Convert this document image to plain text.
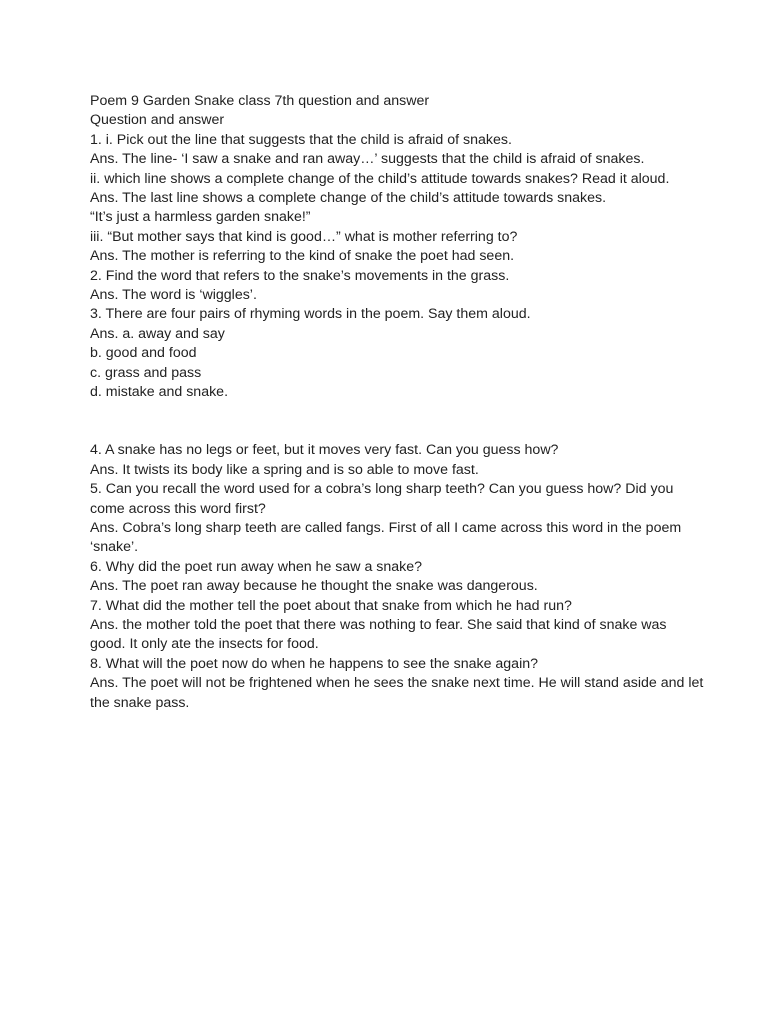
Poem 9 Garden Snake class 7th question and answer
Question and answer
1. i. Pick out the line that suggests that the child is afraid of snakes.
Ans. The line- ‘I saw a snake and ran away…’ suggests that the child is afraid of snakes.
ii. which line shows a complete change of the child’s attitude towards snakes? Read it aloud.
Ans. The last line shows a complete change of the child’s attitude towards snakes.
“It’s just a harmless garden snake!”
iii. “But mother says that kind is good…” what is mother referring to?
Ans. The mother is referring to the kind of snake the poet had seen.
2. Find the word that refers to the snake’s movements in the grass.
Ans. The word is ‘wiggles’.
3. There are four pairs of rhyming words in the poem. Say them aloud.
Ans. a. away and say
b. good and food
c. grass and pass
d. mistake and snake.
4. A snake has no legs or feet, but it moves very fast. Can you guess how?
Ans. It twists its body like a spring and is so able to move fast.
5. Can you recall the word used for a cobra’s long sharp teeth? Can you guess how? Did you come across this word first?
Ans. Cobra’s long sharp teeth are called fangs. First of all I came across this word in the poem ‘snake’.
6. Why did the poet run away when he saw a snake?
Ans. The poet ran away because he thought the snake was dangerous.
7. What did the mother tell the poet about that snake from which he had run?
Ans. the mother told the poet that there was nothing to fear. She said that kind of snake was good. It only ate the insects for food.
8. What will the poet now do when he happens to see the snake again?
Ans. The poet will not be frightened when he sees the snake next time. He will stand aside and let the snake pass.
